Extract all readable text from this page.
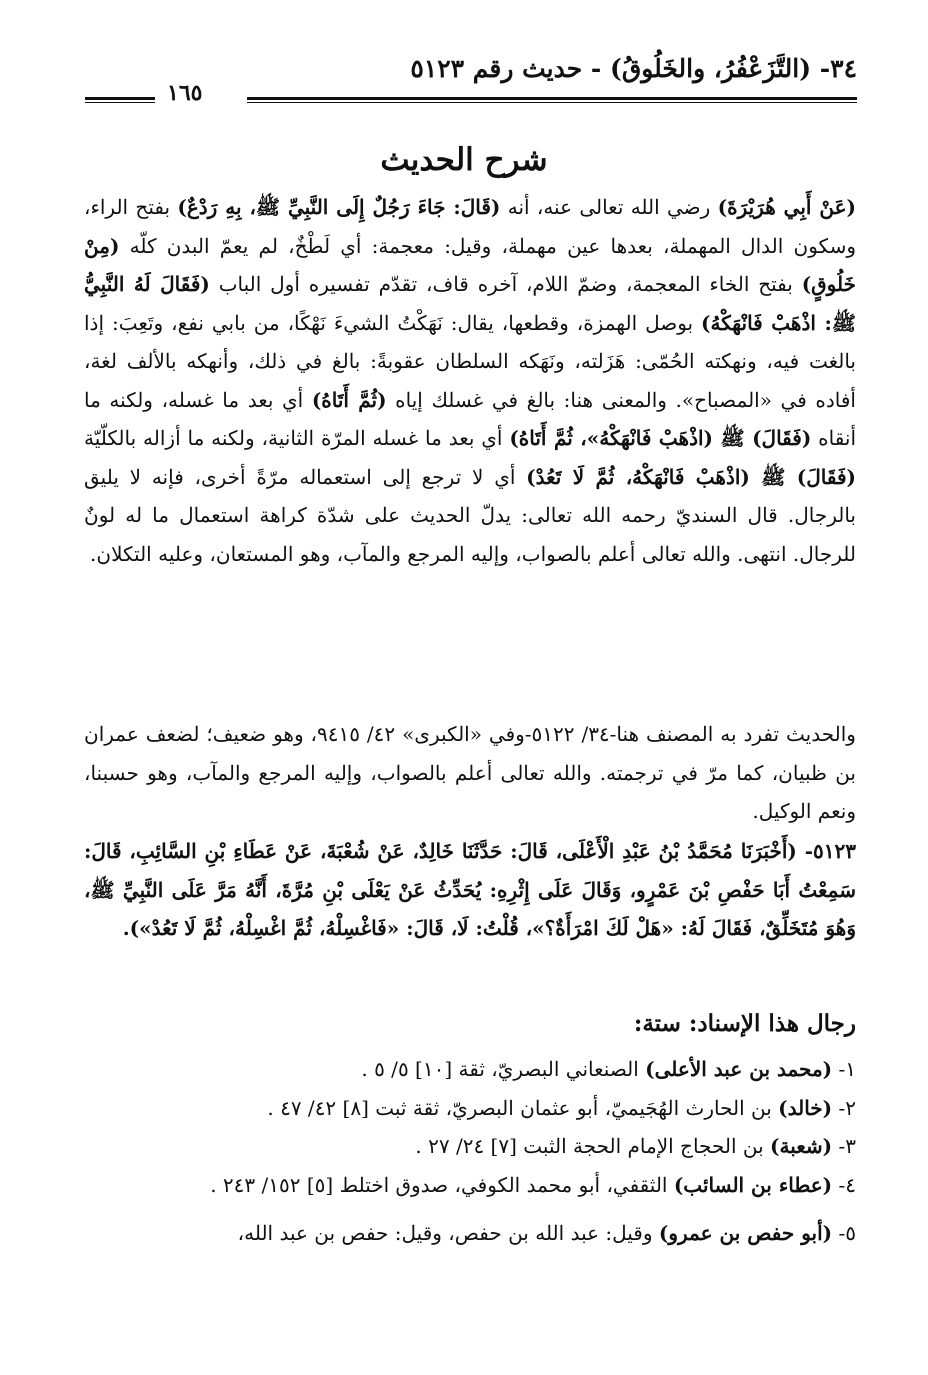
٣٤- (التَّزَعْفُرُ، والخَلُوقُ) - حديث رقم ٥١٢٣
١٦٥
شرح الحديث
(عَنْ أَبِي هُرَيْرَةَ) رضي الله تعالى عنه، أنه (قَالَ: جَاءَ رَجُلٌ إِلَى النَّبِيِّ ﷺ، بِهِ رَدْعٌ) بفتح الراء، وسكون الدال المهملة، بعدها عين مهملة، وقيل: معجمة: أي لَطْخٌ، لم يعمّ البدن كلّه (مِنْ خَلُوقٍ) بفتح الخاء المعجمة، وضمّ اللام، آخره قاف، تقدّم تفسيره أول الباب (فَقَالَ لَهُ النَّبِيُّ ﷺ: اذْهَبْ فَانْهَكْهُ) بوصل الهمزة، وقطعها، يقال: نَهَكْتُ الشيءَ نَهْكًا، من بابي نفع، وتَعِبَ: إذا بالغت فيه، ونهكته الحُمّى: هَزَلته، ونَهَكه السلطان عقوبةً: بالغ في ذلك، وأنهكه بالألف لغة، أفاده في «المصباح». والمعنى هنا: بالغ في غسلك إياه (ثُمَّ أَتَاهُ) أي بعد ما غسله، ولكنه ما أنقاه (فَقَالَ) ﷺ (اذْهَبْ فَانْهَكْهُ»، ثُمَّ أَتَاهُ) أي بعد ما غسله المرّة الثانية، ولكنه ما أزاله بالكلّيّة (فَقَالَ) ﷺ (اذْهَبْ فَانْهَكْهُ، ثُمَّ لَا تَعُدْ) أي لا ترجع إلى استعماله مرّةً أخرى، فإنه لا يليق بالرجال. قال السنديّ رحمه الله تعالى: يدلّ الحديث على شدّة كراهة استعمال ما له لونٌ للرجال. انتهى. والله تعالى أعلم بالصواب، وإليه المرجع والمآب، وهو المستعان، وعليه التكلان.
والحديث تفرد به المصنف هنا-٣٤/ ٥١٢٢-وفي «الكبرى» ٤٢/ ٩٤١٥، وهو ضعيف؛ لضعف عمران بن ظبيان، كما مرّ في ترجمته. والله تعالى أعلم بالصواب، وإليه المرجع والمآب، وهو حسبنا، ونعم الوكيل.
٥١٢٣- (أَخْبَرَنَا مُحَمَّدُ بْنُ عَبْدِ الْأَعْلَى، قَالَ: حَدَّثَنَا خَالِدٌ، عَنْ شُعْبَةَ، عَنْ عَطَاءِ بْنِ السَّائِبِ، قَالَ: سَمِعْتُ أَبَا حَفْصِ بْنَ عَمْرٍو، وَقَالَ عَلَى إِثْرِهِ: يُحَدِّثُ عَنْ يَعْلَى بْنِ مُرَّةَ، أَنَّهُ مَرَّ عَلَى النَّبِيِّ ﷺ، وَهُوَ مُتَخَلِّقٌ، فَقَالَ لَهُ: «هَلْ لَكَ امْرَأَةٌ؟»، قُلْتُ: لَا، قَالَ: «فَاغْسِلْهُ، ثُمَّ اغْسِلْهُ، ثُمَّ لَا تَعُدْ»).
رجال هذا الإسناد: ستة:
١- (محمد بن عبد الأعلى) الصنعاني البصريّ، ثقة [١٠] ٥/ ٥ .
٢- (خالد) بن الحارث الهُجَيميّ، أبو عثمان البصريّ، ثقة ثبت [٨] ٤٢/ ٤٧ .
٣- (شعبة) بن الحجاج الإمام الحجة الثبت [٧] ٢٤/ ٢٧ .
٤- (عطاء بن السائب) الثقفي، أبو محمد الكوفي، صدوق اختلط [٥] ١٥٢/ ٢٤٣ .
٥- (أبو حفص بن عمرو) وقيل: عبد الله بن حفص، وقيل: حفص بن عبد الله،
